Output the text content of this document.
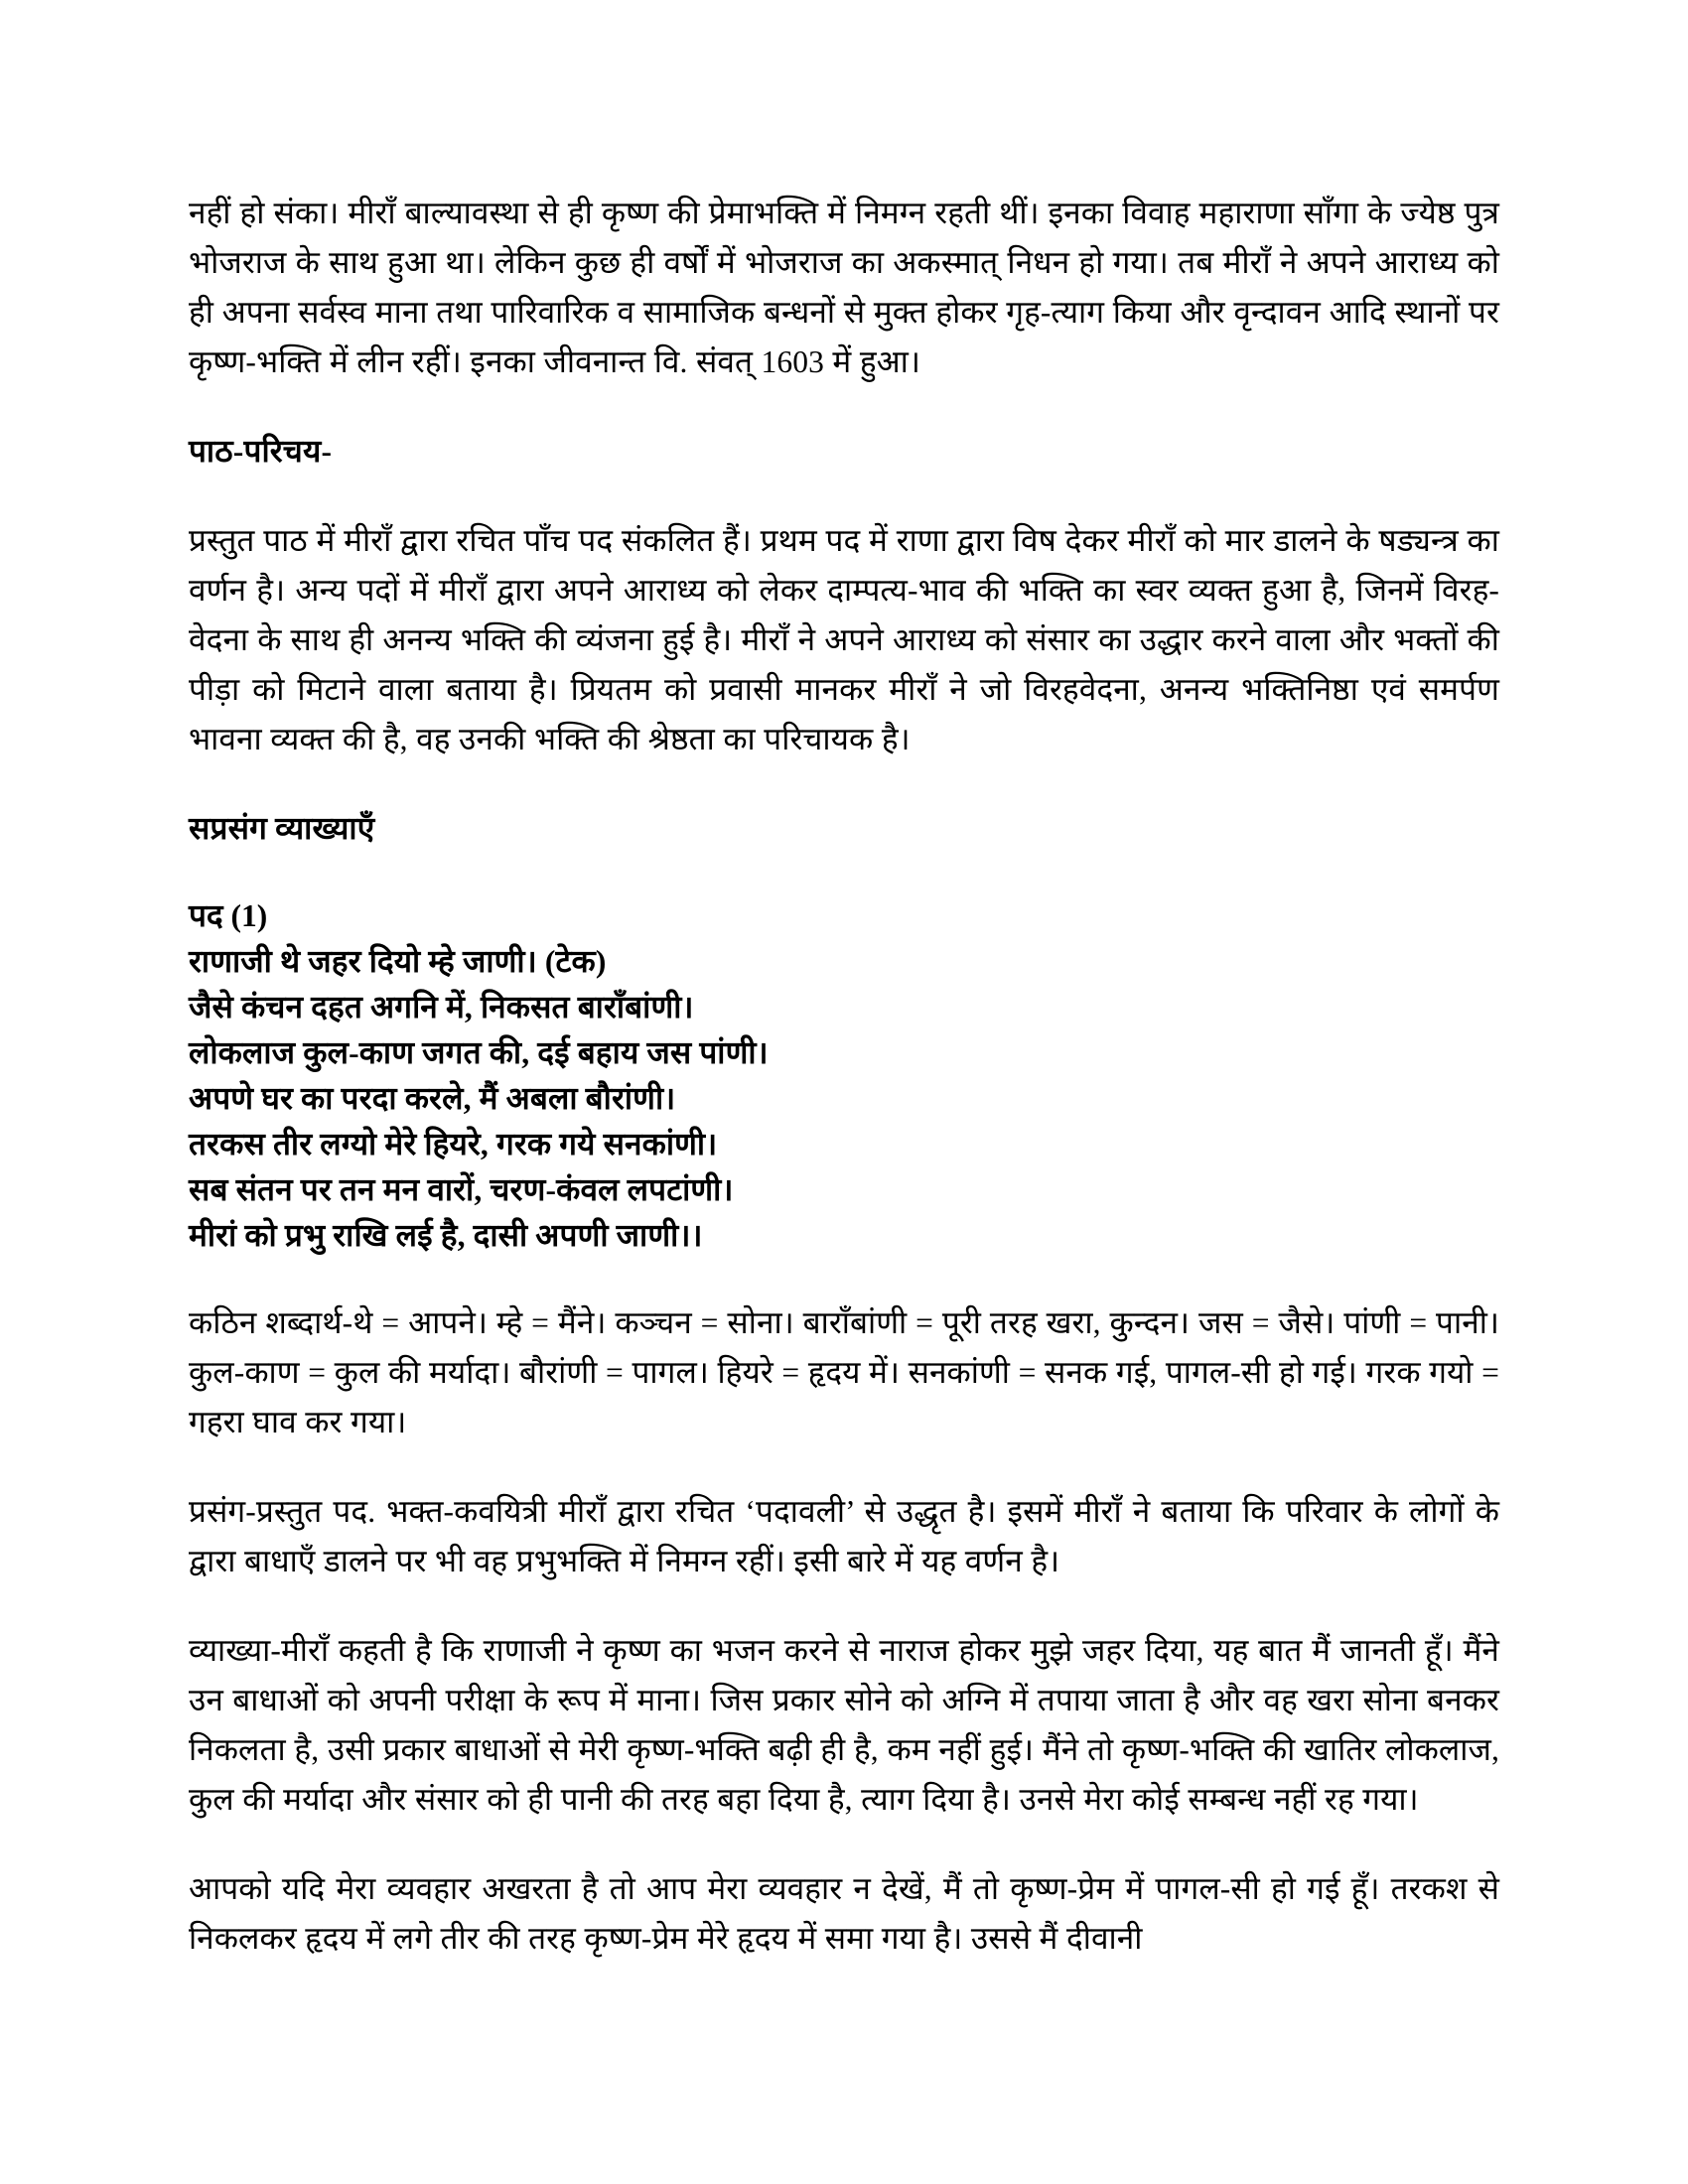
नहीं हो संका। मीराँ बाल्यावस्था से ही कृष्ण की प्रेमाभक्ति में निमग्न रहती थीं। इनका विवाह महाराणा साँगा के ज्येष्ठ पुत्र भोजराज के साथ हुआ था। लेकिन कुछ ही वर्षों में भोजराज का अकस्मात् निधन हो गया। तब मीराँ ने अपने आराध्य को ही अपना सर्वस्व माना तथा पारिवारिक व सामाजिक बन्धनों से मुक्त होकर गृह-त्याग किया और वृन्दावन आदि स्थानों पर कृष्ण-भक्ति में लीन रहीं। इनका जीवनान्त वि. संवत् 1603 में हुआ।

पाठ-परिचय-

प्रस्तुत पाठ में मीराँ द्वारा रचित पाँच पद संकलित हैं। प्रथम पद में राणा द्वारा विष देकर मीराँ को मार डालने के षड्यन्त्र का वर्णन है। अन्य पदों में मीराँ द्वारा अपने आराध्य को लेकर दाम्पत्य-भाव की भक्ति का स्वर व्यक्त हुआ है, जिनमें विरह-वेदना के साथ ही अनन्य भक्ति की व्यंजना हुई है। मीराँ ने अपने आराध्य को संसार का उद्धार करने वाला और भक्तों की पीड़ा को मिटाने वाला बताया है। प्रियतम को प्रवासी मानकर मीराँ ने जो विरहवेदना, अनन्य भक्तिनिष्ठा एवं समर्पण भावना व्यक्त की है, वह उनकी भक्ति की श्रेष्ठता का परिचायक है।

सप्रसंग व्याख्याएँ

पद (1)
राणाजी थे जहर दियो म्हे जाणी। (टेक)
जैसे कंचन दहत अगनि में, निकसत बाराँबांणी।
लोकलाज कुल-काण जगत की, दई बहाय जस पांणी।
अपणे घर का परदा करले, मैं अबला बौरांणी।
तरकस तीर लग्यो मेरे हियरे, गरक गये सनकांणी।
सब संतन पर तन मन वारों, चरण-कंवल लपटांणी।
मीरां को प्रभु राखि लई है, दासी अपणी जाणी।।

कठिन शब्दार्थ-थे = आपने। म्हे = मैंने। कञ्चन = सोना। बाराँबांणी = पूरी तरह खरा, कुन्दन। जस = जैसे। पांणी = पानी। कुल-काण = कुल की मर्यादा। बौरांणी = पागल। हियरे = हृदय में। सनकांणी = सनक गई, पागल-सी हो गई। गरक गयो = गहरा घाव कर गया।

प्रसंग-प्रस्तुत पद. भक्त-कवयित्री मीराँ द्वारा रचित ‘पदावली’ से उद्धृत है। इसमें मीराँ ने बताया कि परिवार के लोगों के द्वारा बाधाएँ डालने पर भी वह प्रभुभक्ति में निमग्न रहीं। इसी बारे में यह वर्णन है।

व्याख्या-मीराँ कहती है कि राणाजी ने कृष्ण का भजन करने से नाराज होकर मुझे जहर दिया, यह बात मैं जानती हूँ। मैंने उन बाधाओं को अपनी परीक्षा के रूप में माना। जिस प्रकार सोने को अग्नि में तपाया जाता है और वह खरा सोना बनकर निकलता है, उसी प्रकार बाधाओं से मेरी कृष्ण-भक्ति बढ़ी ही है, कम नहीं हुई। मैंने तो कृष्ण-भक्ति की खातिर लोकलाज, कुल की मर्यादा और संसार को ही पानी की तरह बहा दिया है, त्याग दिया है। उनसे मेरा कोई सम्बन्ध नहीं रह गया।

आपको यदि मेरा व्यवहार अखरता है तो आप मेरा व्यवहार न देखें, मैं तो कृष्ण-प्रेम में पागल-सी हो गई हूँ। तरकश से निकलकर हृदय में लगे तीर की तरह कृष्ण-प्रेम मेरे हृदय में समा गया है। उससे मैं दीवानी
